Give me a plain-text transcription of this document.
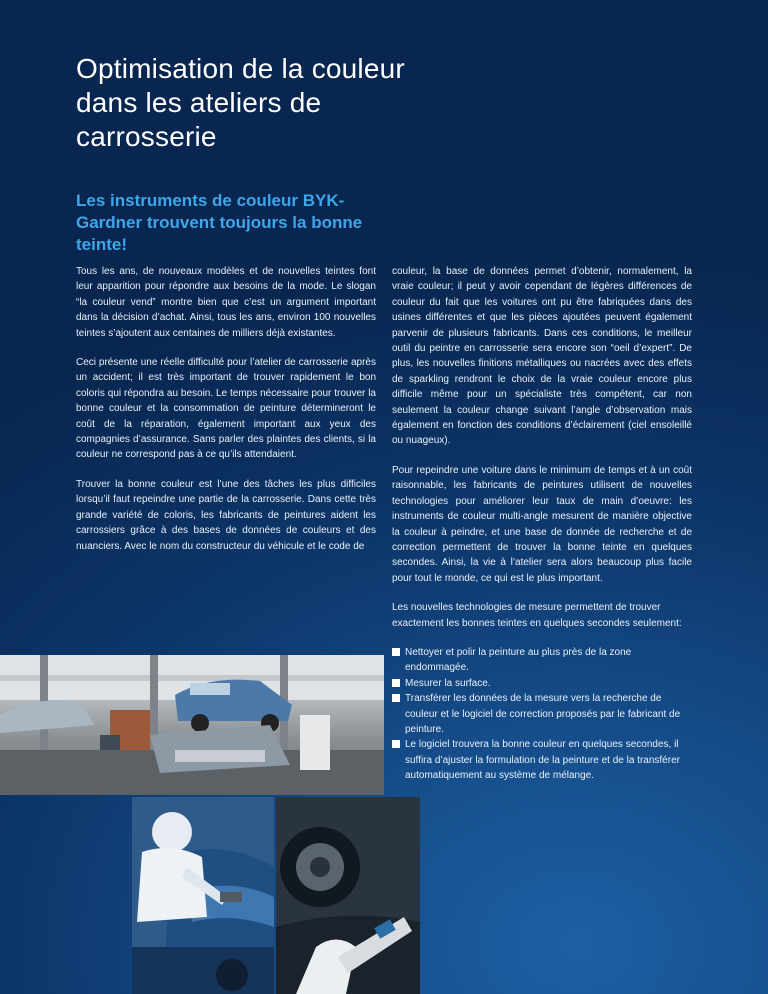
Optimisation de la couleur dans les ateliers de carrosserie
Les instruments de couleur BYK-Gardner trouvent toujours la bonne teinte!

Tous les ans, de nouveaux modèles et de nouvelles teintes font leur apparition pour répondre aux besoins de la mode. Le slogan “la couleur vend” montre bien que c’est un argument important dans la décision d’achat. Ainsi, tous les ans, environ 100 nouvelles teintes s’ajoutent aux centaines de milliers déjà existantes.

Ceci présente une réelle difficulté pour l’atelier de carrosserie après un accident; il est très important de trouver rapidement le bon coloris qui répondra au besoin. Le temps nécessaire pour trouver la bonne couleur et la consommation de peinture détermineront le coût de la réparation, également important aux yeux des compagnies d’assurance. Sans parler des plaintes des clients, si la couleur ne correspond pas à ce qu’ils attendaient.

Trouver la bonne couleur est l’une des tâches les plus difficiles lorsqu’il faut repeindre une partie de la carrosserie. Dans cette très grande variété de coloris, les fabricants de peintures aident les carrossiers grâce à des bases de données de couleurs et des nuanciers. Avec le nom du constructeur du véhicule et le code de

couleur, la base de données permet d’obtenir, normalement, la vraie couleur; il peut y avoir cependant de légères différences de couleur du fait que les voitures ont pu être fabriquées dans des usines différentes et que les pièces ajoutées peuvent également parvenir de plusieurs fabricants. Dans ces conditions, le meilleur outil du peintre en carrosserie sera encore son “oeil d’expert”. De plus, les nouvelles finitions métalliques ou nacrées avec des effets de sparkling rendront le choix de la vraie couleur encore plus difficile même pour un spécialiste très compétent, car non seulement la couleur change suivant l’angle d’observation mais également en fonction des conditions d’éclairement (ciel ensoleillé ou nuageux).

Pour repeindre une voiture dans le minimum de temps et à un coût raisonnable, les fabricants de peintures utilisent de nouvelles technologies pour améliorer leur taux de main d’oeuvre: les instruments de couleur multi-angle mesurent de manière objective la couleur à peindre, et une base de donnée de recherche et de correction permettent de trouver la bonne teinte en quelques secondes. Ainsi, la vie à l’atelier sera alors beaucoup plus facile pour tout le monde, ce qui est le plus important.

Les nouvelles technologies de mesure permettent de trouver exactement les bonnes teintes en quelques secondes seulement:

Nettoyer et polir la peinture au plus près de la zone endommagée.
Mesurer la surface.
Transférer les données de la mesure vers la recherche de couleur et le logiciel de correction proposés par le fabricant de peinture.
Le logiciel trouvera la bonne couleur en quelques secondes, il suffira d’ajuster la formulation de la peinture et de la transférer automatiquement au système de mélange.
